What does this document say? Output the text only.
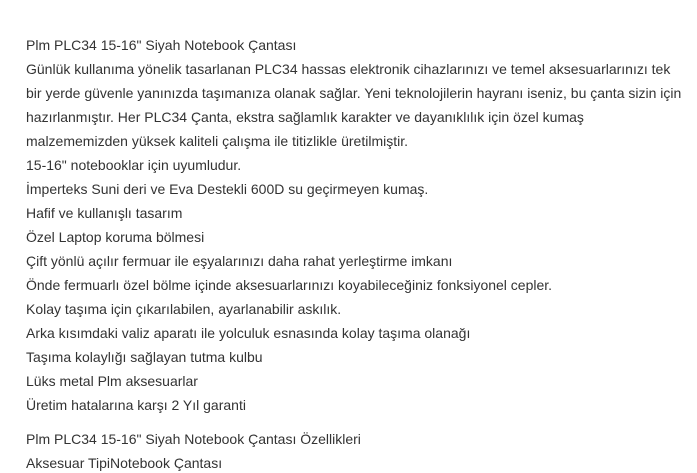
Plm PLC34 15-16" Siyah Notebook Çantası
Günlük kullanıma yönelik tasarlanan PLC34 hassas elektronik cihazlarınızı ve temel aksesuarlarınızı tek
bir yerde güvenle yanınızda taşımanıza olanak sağlar. Yeni teknolojilerin hayranı iseniz, bu çanta sizin için
hazırlanmıştır. Her PLC34 Çanta, ekstra sağlamlık karakter ve dayanıklılık için özel kumaş
malzememizden yüksek kaliteli çalışma ile titizlikle üretilmiştir.
15-16" notebooklar için uyumludur.
İmperteks Suni deri ve Eva Destekli 600D su geçirmeyen kumaş.
Hafif ve kullanışlı tasarım
Özel Laptop koruma bölmesi
Çift yönlü açılır fermuar ile eşyalarınızı daha rahat yerleştirme imkanı
Önde fermuarlı özel bölme içinde aksesuarlarınızı koyabileceğiniz fonksiyonel cepler.
Kolay taşıma için çıkarılabilen, ayarlanabilir askılık.
Arka kısımdaki valiz aparatı ile yolculuk esnasında kolay taşıma olanağı
Taşıma kolaylığı sağlayan tutma kulbu
Lüks metal Plm aksesuarlar
Üretim hatalarına karşı 2 Yıl garanti
Plm PLC34 15-16" Siyah Notebook Çantası Özellikleri
Aksesuar TipiNotebook Çantası
